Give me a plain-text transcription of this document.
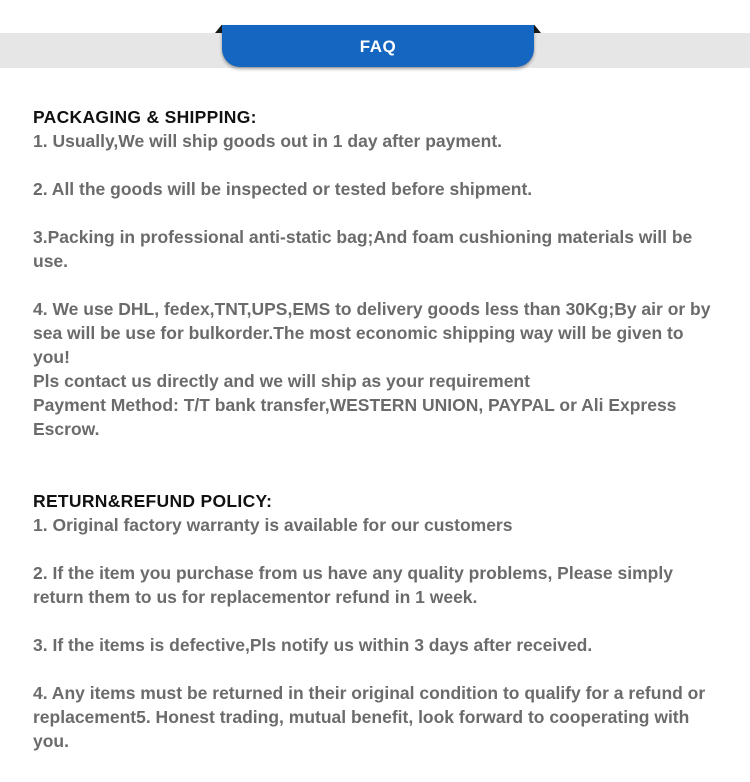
FAQ

PACKAGING & SHIPPING:

1. Usually,We will ship goods out in 1 day after payment.

2. All the goods will be inspected or tested before shipment.

3.Packing in professional anti-static bag;And foam cushioning materials will be use.

4. We use DHL, fedex,TNT,UPS,EMS to delivery goods less than 30Kg;By air or by sea will be use for bulkorder.The most economic shipping way will be given to you!

Pls contact us directly and we will ship as your requirement

Payment Method: T/T bank transfer,WESTERN UNION, PAYPAL or Ali Express Escrow.

RETURN&REFUND POLICY:

1. Original factory warranty is available for our customers

2. If the item you purchase from us have any quality problems, Please simply return them to us for replacementor refund in 1 week.

3. If the items is defective,Pls notify us within 3 days after received.

4. Any items must be returned in their original condition to qualify for a refund or replacement5. Honest trading, mutual benefit, look forward to cooperating with you.
